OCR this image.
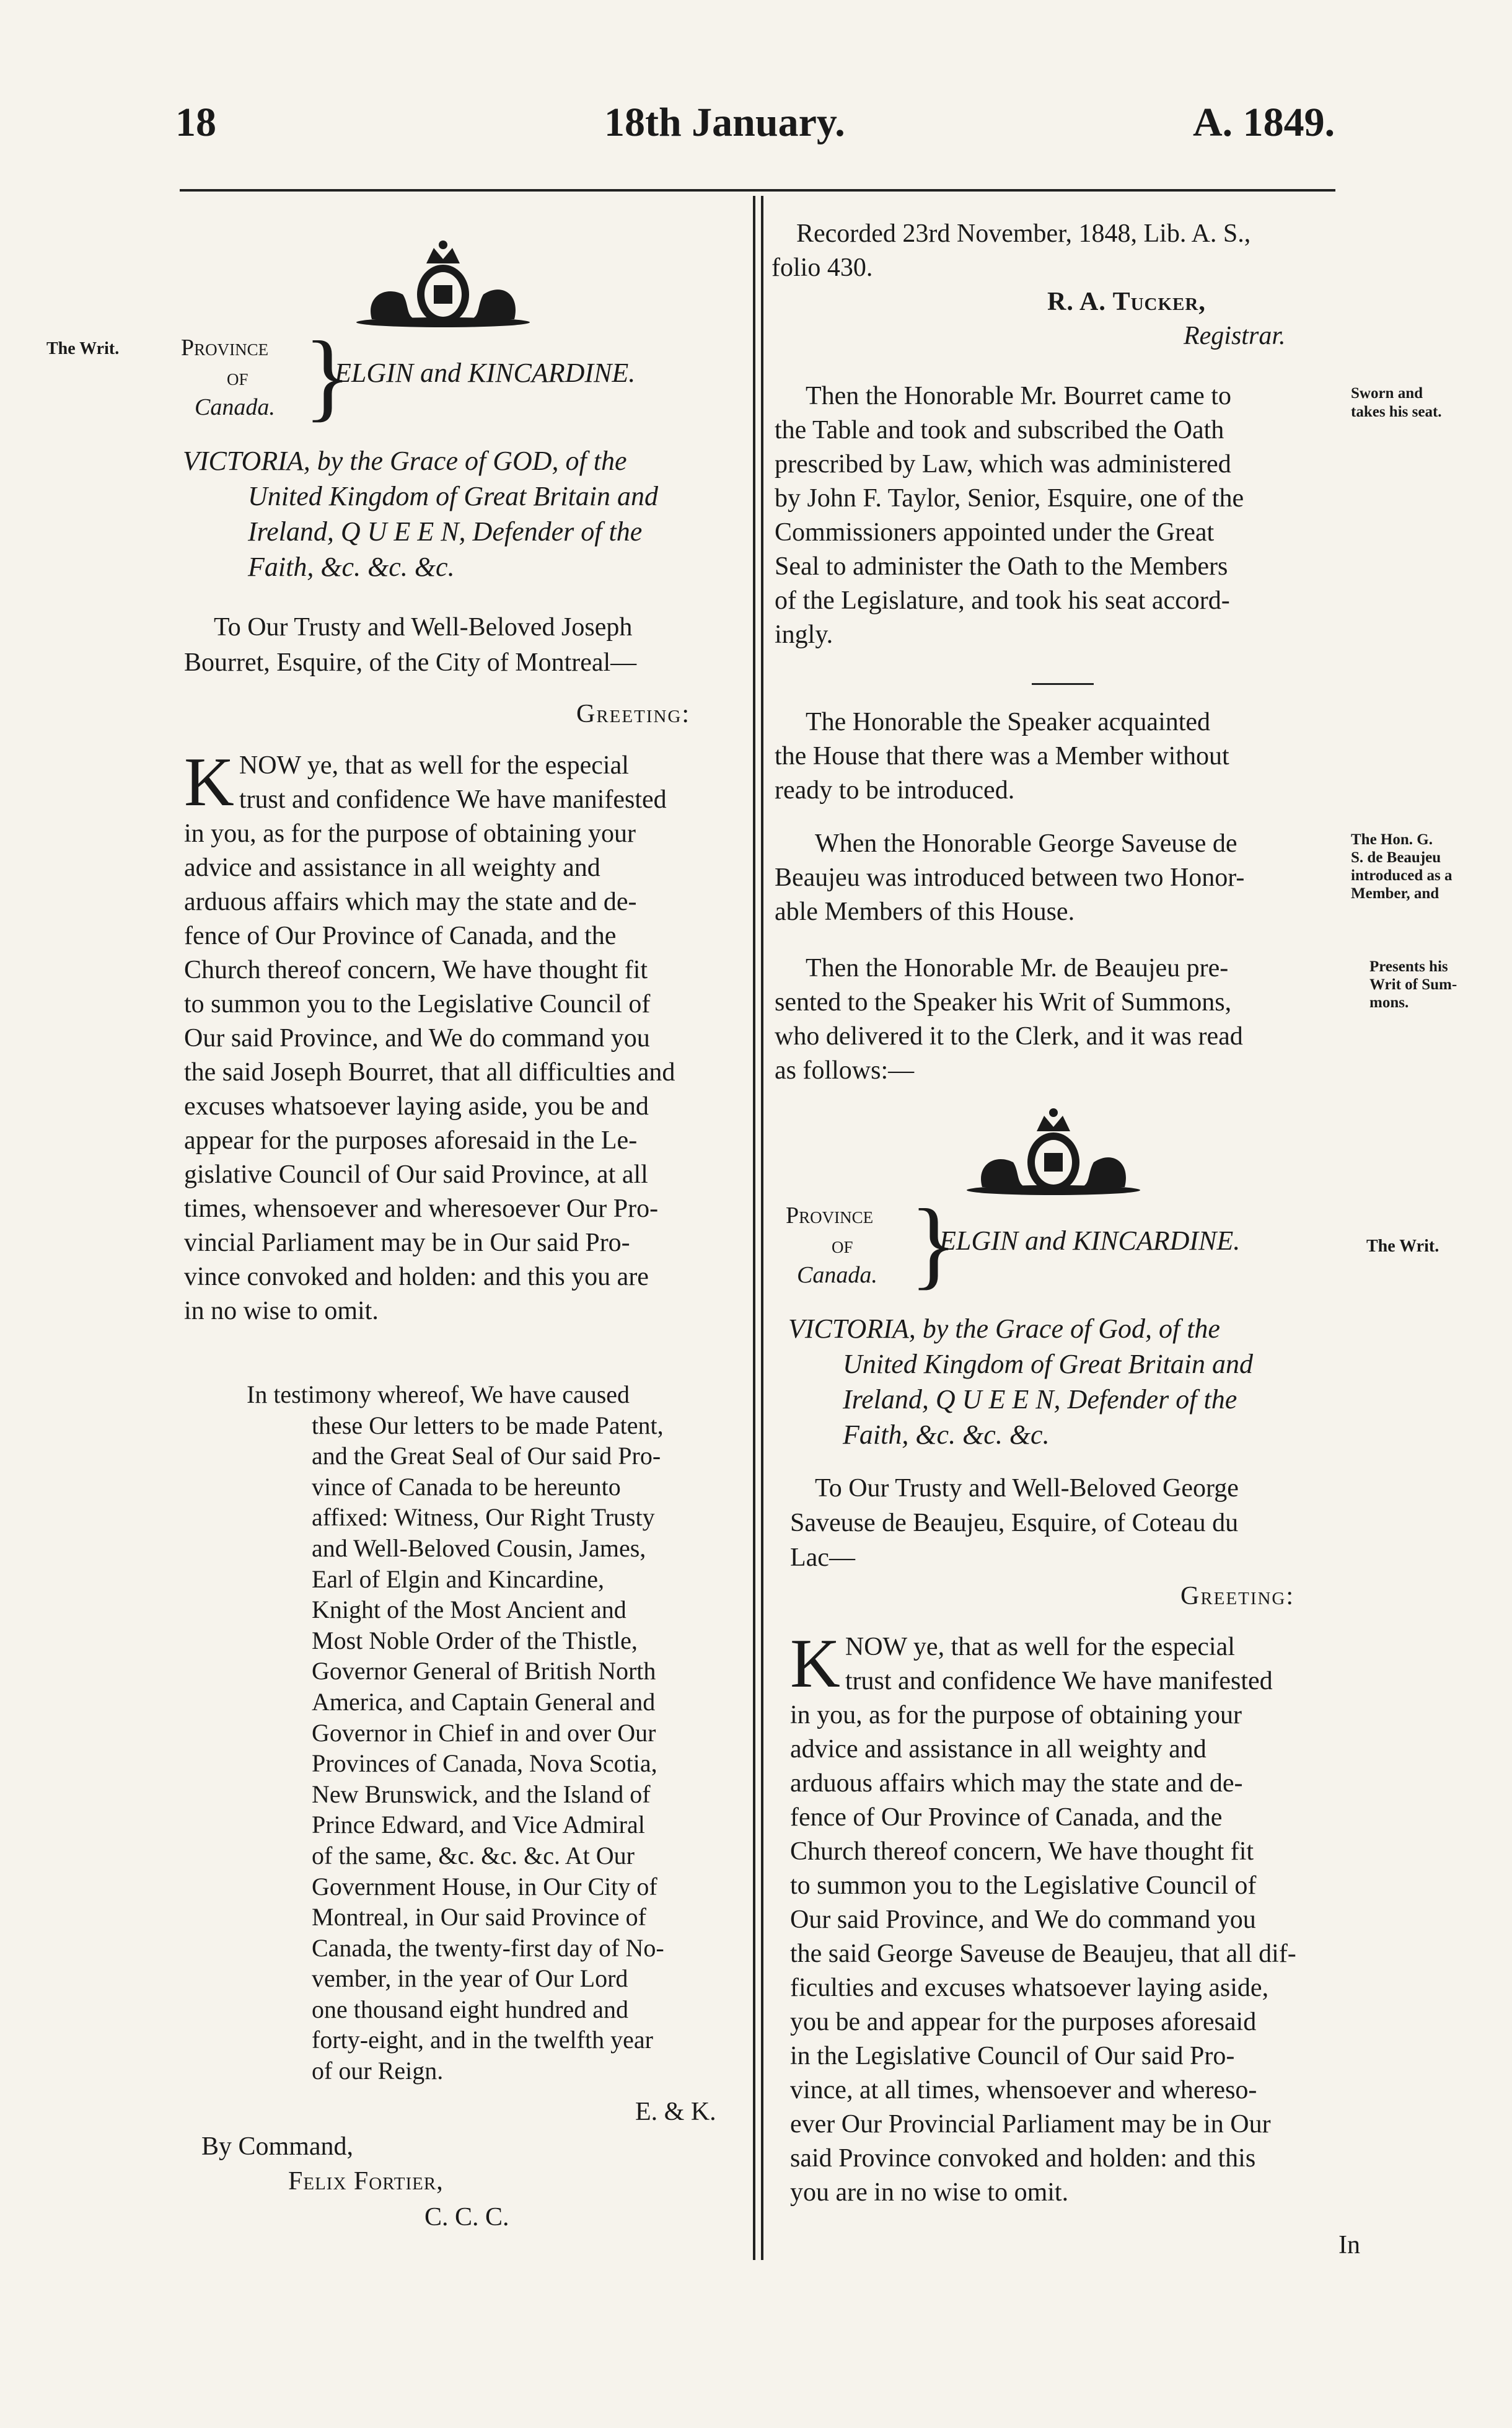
18	18th January.	A. 1849.
The Writ.	Province
of
Canada. }
ELGIN and KINCARDINE.
VICTORIA, by the Grace of GOD, of the
United Kingdom of Great Britain and
Ireland, Q U E E N, Defender of the
Faith, &c. &c. &c.
To Our Trusty and Well-Beloved Joseph
Bourret, Esquire, of the City of Montreal—
Greeting:
K NOW ye, that as well for the especial
trust and confidence We have manifested
in you, as for the purpose of obtaining your
advice and assistance in all weighty and
arduous affairs which may the state and de-
fence of Our Province of Canada, and the
Church thereof concern, We have thought fit
to summon you to the Legislative Council of
Our said Province, and We do command you
the said Joseph Bourret, that all difficulties and
excuses whatsoever laying aside, you be and
appear for the purposes aforesaid in the Le-
gislative Council of Our said Province, at all
times, whensoever and wheresoever Our Pro-
vincial Parliament may be in Our said Pro-
vince convoked and holden: and this you are
in no wise to omit.
In testimony whereof, We have caused
these Our letters to be made Patent,
and the Great Seal of Our said Pro-
vince of Canada to be hereunto
affixed: Witness, Our Right Trusty
and Well-Beloved Cousin, James,
Earl of Elgin and Kincardine,
Knight of the Most Ancient and
Most Noble Order of the Thistle,
Governor General of British North
America, and Captain General and
Governor in Chief in and over Our
Provinces of Canada, Nova Scotia,
New Brunswick, and the Island of
Prince Edward, and Vice Admiral
of the same, &c. &c. &c. At Our
Government House, in Our City of
Montreal, in Our said Province of
Canada, the twenty-first day of No-
vember, in the year of Our Lord
one thousand eight hundred and
forty-eight, and in the twelfth year
of our Reign.
E. & K.
By Command,
Felix Fortier,
C. C. C.
Recorded 23rd November, 1848, Lib. A. S.,
folio 430.
R. A. Tucker,
Registrar.
Then the Honorable Mr. Bourret came to
the Table and took and subscribed the Oath
prescribed by Law, which was administered
by John F. Taylor, Senior, Esquire, one of the
Commissioners appointed under the Great
Seal to administer the Oath to the Members
of the Legislature, and took his seat accord-
ingly.
Sworn and
takes his seat.
The Honorable the Speaker acquainted
the House that there was a Member without
ready to be introduced.
When the Honorable George Saveuse de
Beaujeu was introduced between two Honor-
able Members of this House.
The Hon. G.
S. de Beaujeu
introduced as a
Member, and
Then the Honorable Mr. de Beaujeu pre-
sented to the Speaker his Writ of Summons,
who delivered it to the Clerk, and it was read
as follows:—
Presents his
Writ of Sum-
mons.
Province
of
Canada. }
ELGIN and KINCARDINE.	The Writ.
VICTORIA, by the Grace of God, of the
United Kingdom of Great Britain and
Ireland, Q U E E N, Defender of the
Faith, &c. &c. &c.
To Our Trusty and Well-Beloved George
Saveuse de Beaujeu, Esquire, of Coteau du
Lac—
Greeting:
K NOW ye, that as well for the especial
trust and confidence We have manifested
in you, as for the purpose of obtaining your
advice and assistance in all weighty and
arduous affairs which may the state and de-
fence of Our Province of Canada, and the
Church thereof concern, We have thought fit
to summon you to the Legislative Council of
Our said Province, and We do command you
the said George Saveuse de Beaujeu, that all dif-
ficulties and excuses whatsoever laying aside,
you be and appear for the purposes aforesaid
in the Legislative Council of Our said Pro-
vince, at all times, whensoever and whereso-
ever Our Provincial Parliament may be in Our
said Province convoked and holden: and this
you are in no wise to omit.
In
